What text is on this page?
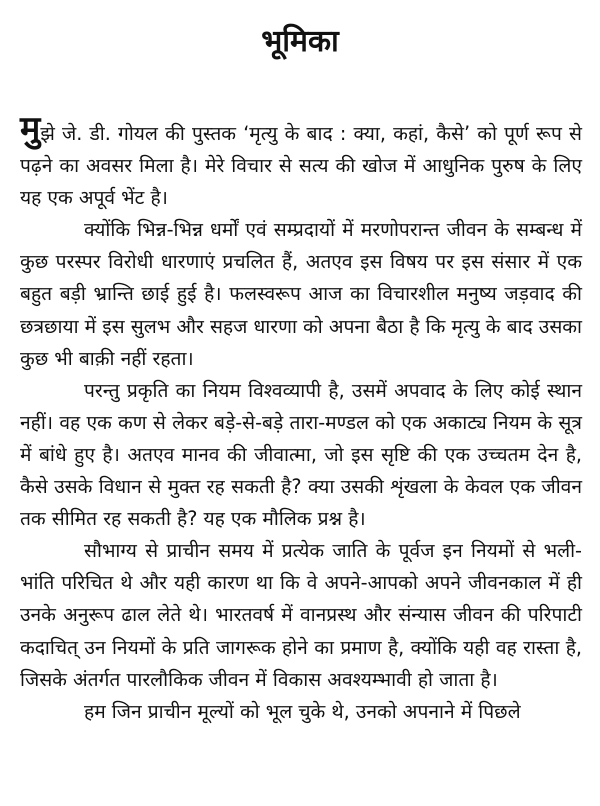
भूमिका

मुझे जे. डी. गोयल की पुस्तक ‘मृत्यु के बाद : क्या, कहां, कैसे’ को पूर्ण रूप से पढ़ने का अवसर मिला है। मेरे विचार से सत्य की खोज में आधुनिक पुरुष के लिए यह एक अपूर्व भेंट है।

क्योंकि भिन्न-भिन्न धर्मों एवं सम्प्रदायों में मरणोपरान्त जीवन के सम्बन्ध में कुछ परस्पर विरोधी धारणाएं प्रचलित हैं, अतएव इस विषय पर इस संसार में एक बहुत बड़ी भ्रान्ति छाई हुई है। फलस्वरूप आज का विचारशील मनुष्य जड़वाद की छत्रछाया में इस सुलभ और सहज धारणा को अपना बैठा है कि मृत्यु के बाद उसका कुछ भी बाक़ी नहीं रहता।

परन्तु प्रकृति का नियम विश्वव्यापी है, उसमें अपवाद के लिए कोई स्थान नहीं। वह एक कण से लेकर बड़े-से-बड़े तारा-मण्डल को एक अकाट्य नियम के सूत्र में बांधे हुए है। अतएव मानव की जीवात्मा, जो इस सृष्टि की एक उच्चतम देन है, कैसे उसके विधान से मुक्त रह सकती है? क्या उसकी शृंखला के केवल एक जीवन तक सीमित रह सकती है? यह एक मौलिक प्रश्न है।

सौभाग्य से प्राचीन समय में प्रत्येक जाति के पूर्वज इन नियमों से भली-भांति परिचित थे और यही कारण था कि वे अपने-आपको अपने जीवनकाल में ही उनके अनुरूप ढाल लेते थे। भारतवर्ष में वानप्रस्थ और संन्यास जीवन की परिपाटी कदाचित् उन नियमों के प्रति जागरूक होने का प्रमाण है, क्योंकि यही वह रास्ता है, जिसके अंतर्गत पारलौकिक जीवन में विकास अवश्यम्भावी हो जाता है।

हम जिन प्राचीन मूल्यों को भूल चुके थे, उनको अपनाने में पिछले
